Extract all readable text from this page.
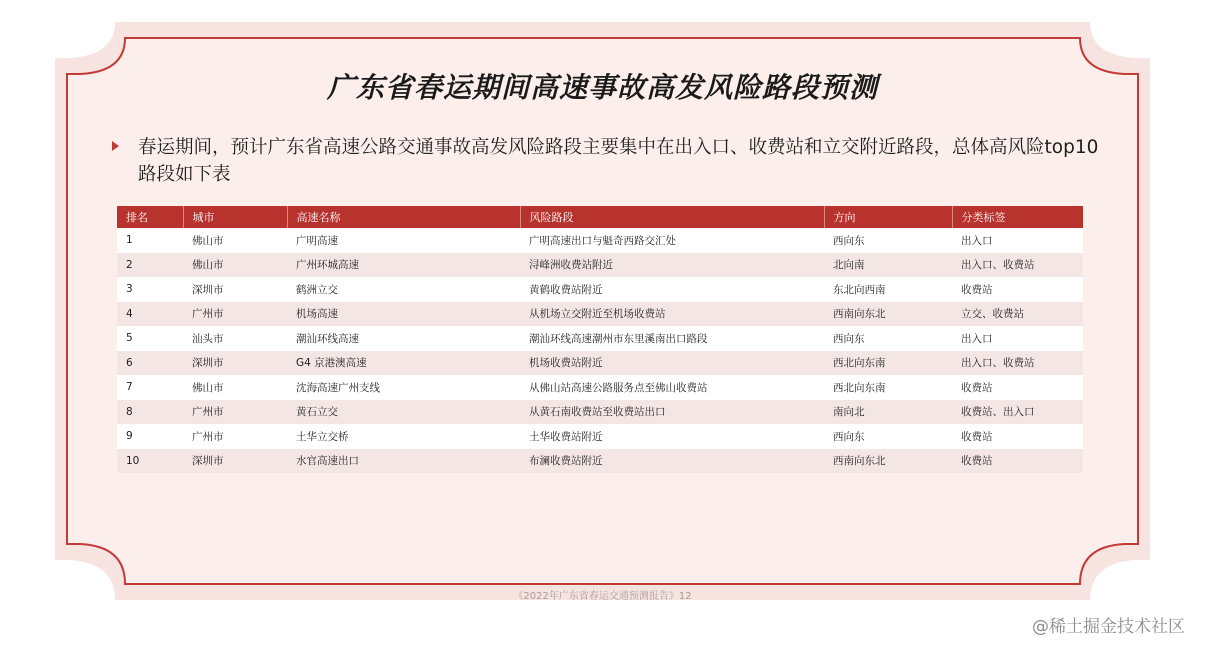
广东省春运期间高速事故高发风险路段预测
春运期间，预计广东省高速公路交通事故高发风险路段主要集中在出入口、收费站和立交附近路段，总体高风险top10路段如下表
排名	城市	高速名称	风险路段	方向	分类标签
1	佛山市	广明高速	广明高速出口与魁奇西路交汇处	西向东	出入口
2	佛山市	广州环城高速	浔峰洲收费站附近	北向南	出入口、收费站
3	深圳市	鹤洲立交	黄鹤收费站附近	东北向西南	收费站
4	广州市	机场高速	从机场立交附近至机场收费站	西南向东北	立交、收费站
5	汕头市	潮汕环线高速	潮汕环线高速潮州市东里溪南出口路段	西向东	出入口
6	深圳市	G4 京港澳高速	机场收费站附近	西北向东南	出入口、收费站
7	佛山市	沈海高速广州支线	从佛山站高速公路服务点至佛山收费站	西北向东南	收费站
8	广州市	黄石立交	从黄石南收费站至收费站出口	南向北	收费站、出入口
9	广州市	土华立交桥	土华收费站附近	西向东	收费站
10	深圳市	水官高速出口	布澜收费站附近	西南向东北	收费站
《2022年广东省春运交通预测报告》12
@稀土掘金技术社区
